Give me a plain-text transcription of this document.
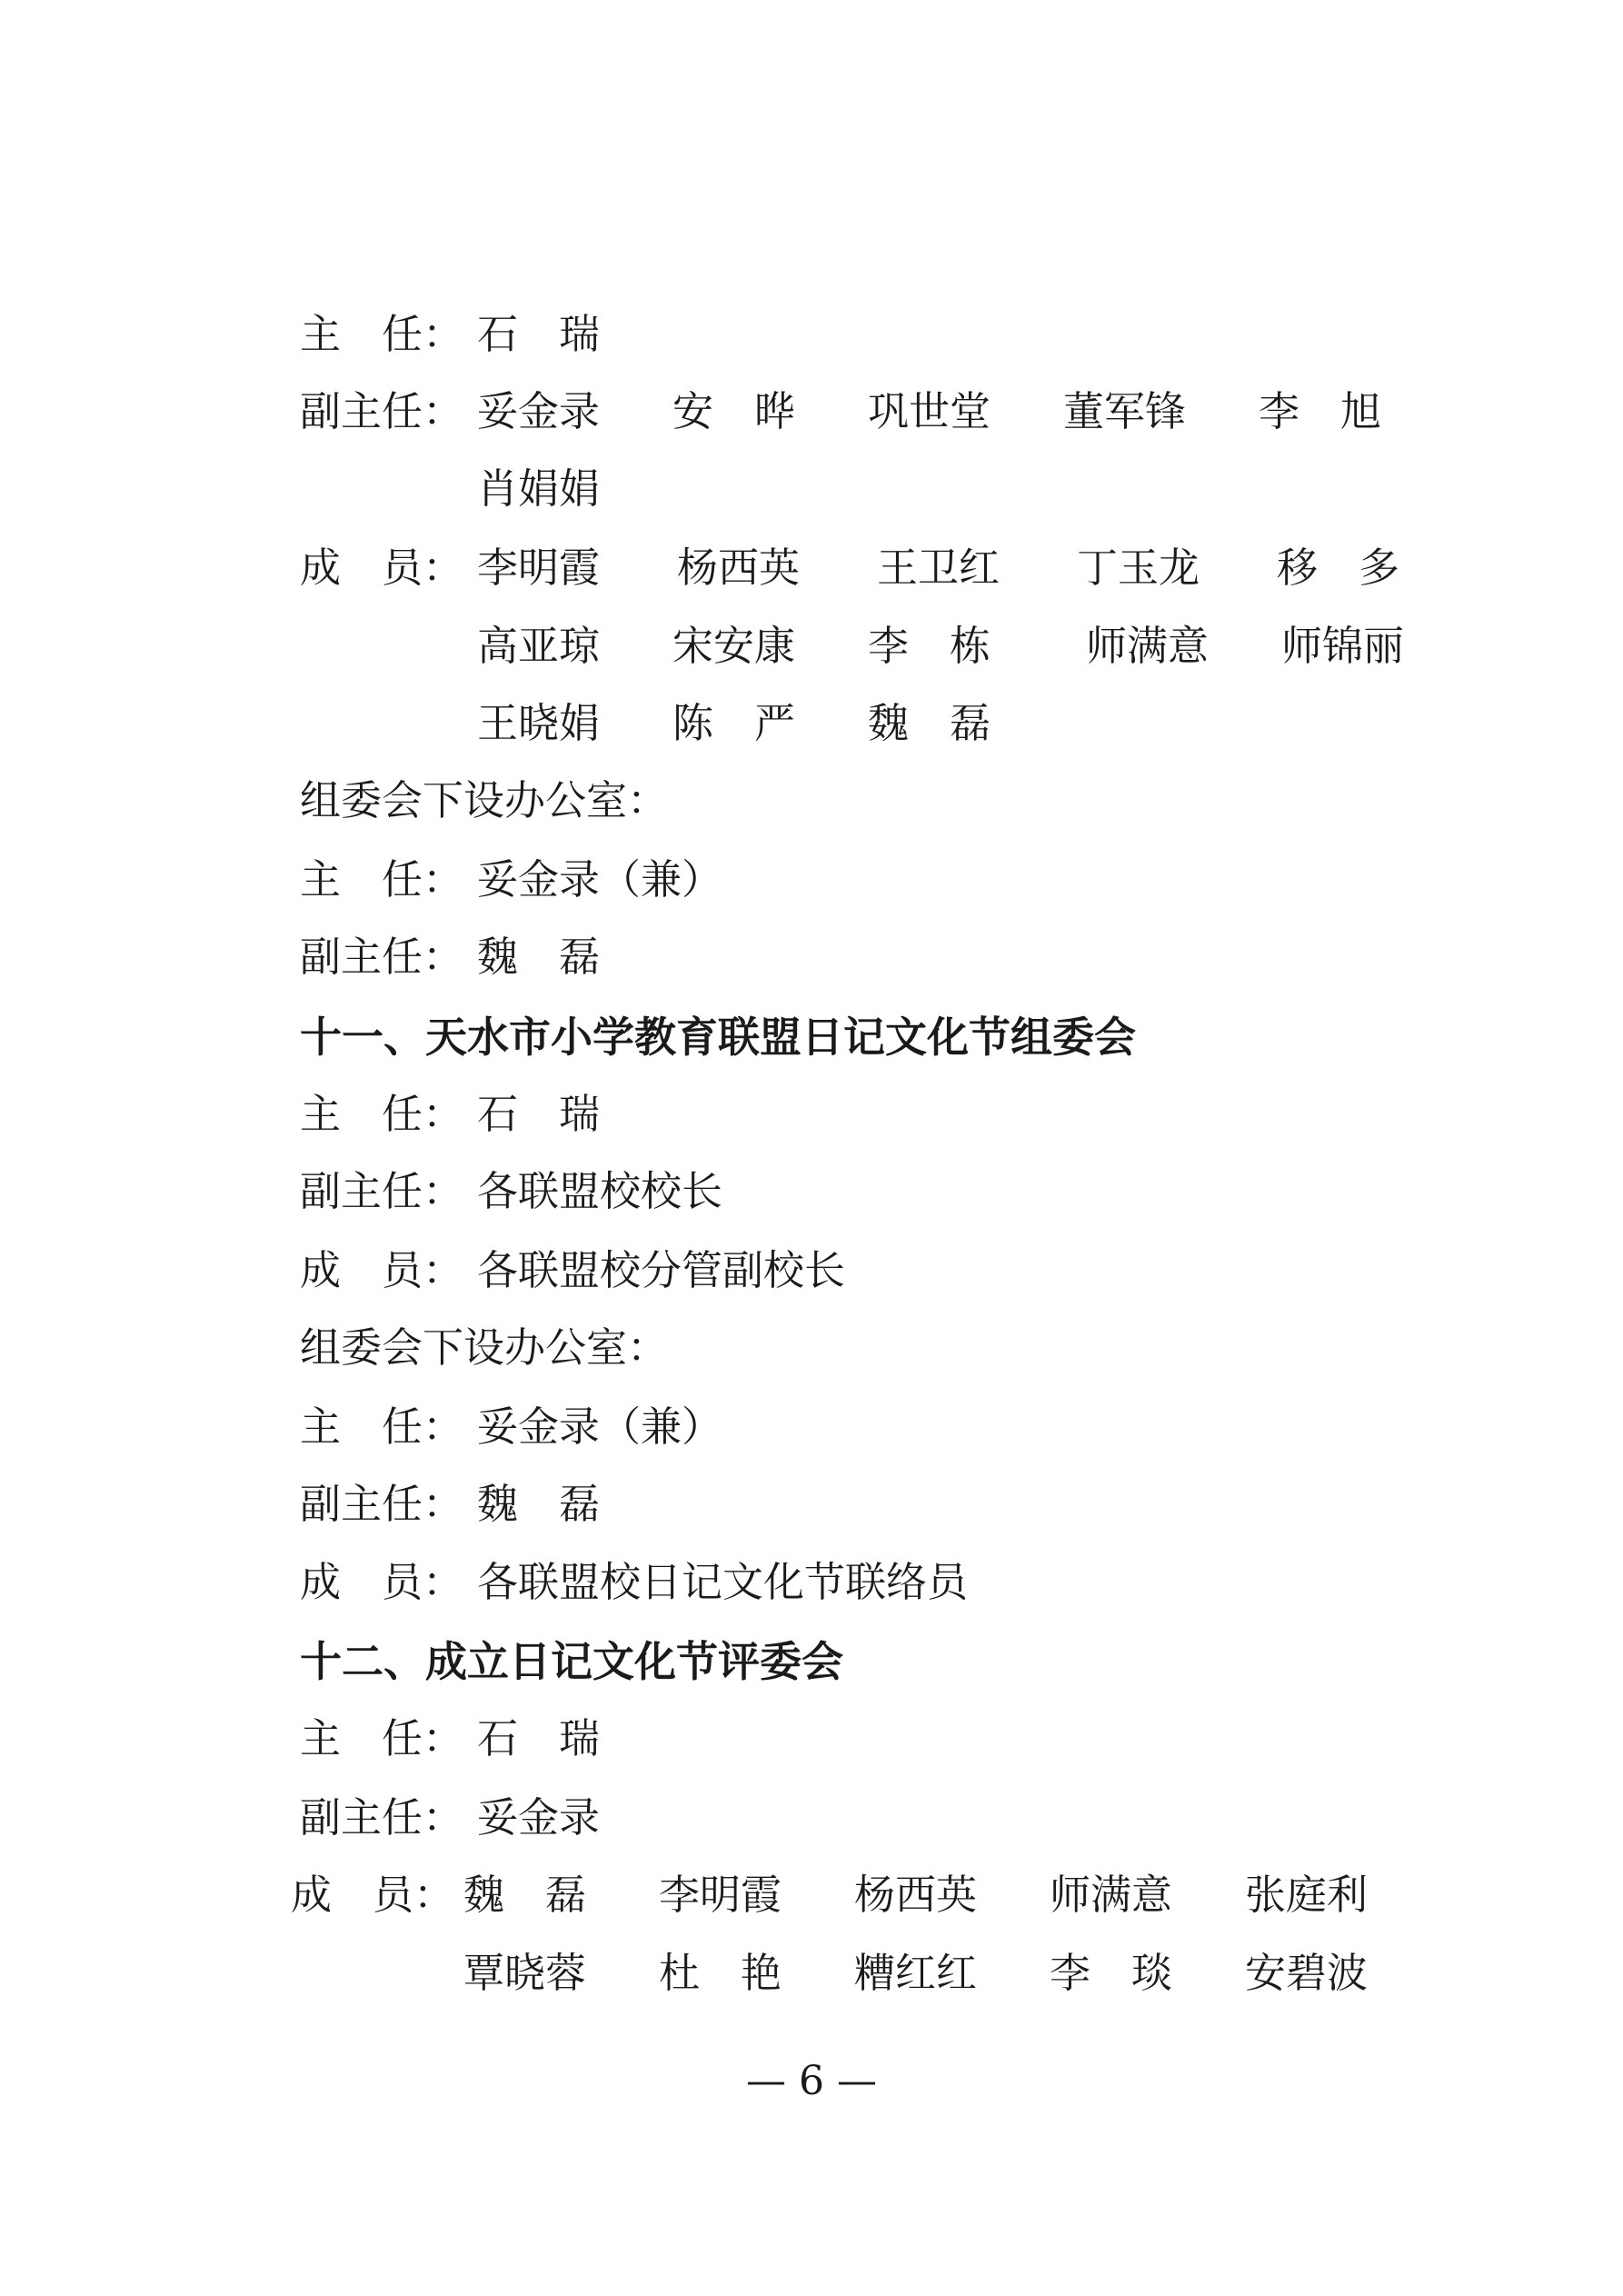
主　任： 石　瑞
副主任： 妥金录 安　晔 巩世堂 董军锋 李　旭
肖娟娟
成　员： 李明霞 杨西英 王卫红 丁玉龙 移　多
高亚琼 宋安康 李　栋 师满意 师锦丽
王晓娟 陈　严 魏　磊
组委会下设办公室：
主　任： 妥金录（兼）
副主任： 魏　磊
十一、天水市小学教育联盟日记文化节组委会
主　任： 石　瑞
副主任： 各联盟校校长
成　员： 各联盟校分管副校长
组委会下设办公室：
主　任： 妥金录（兼）
副主任： 魏　磊
成　员： 各联盟校日记文化节联络员
十二、成立日记文化节评委会
主　任： 石　瑞
副主任： 妥金录
成　员： 魏　磊 李明霞 杨西英 师满意 张庭利
覃晓蓉 杜　艳 糟红红 李　琰 安碧波
— 6 —
